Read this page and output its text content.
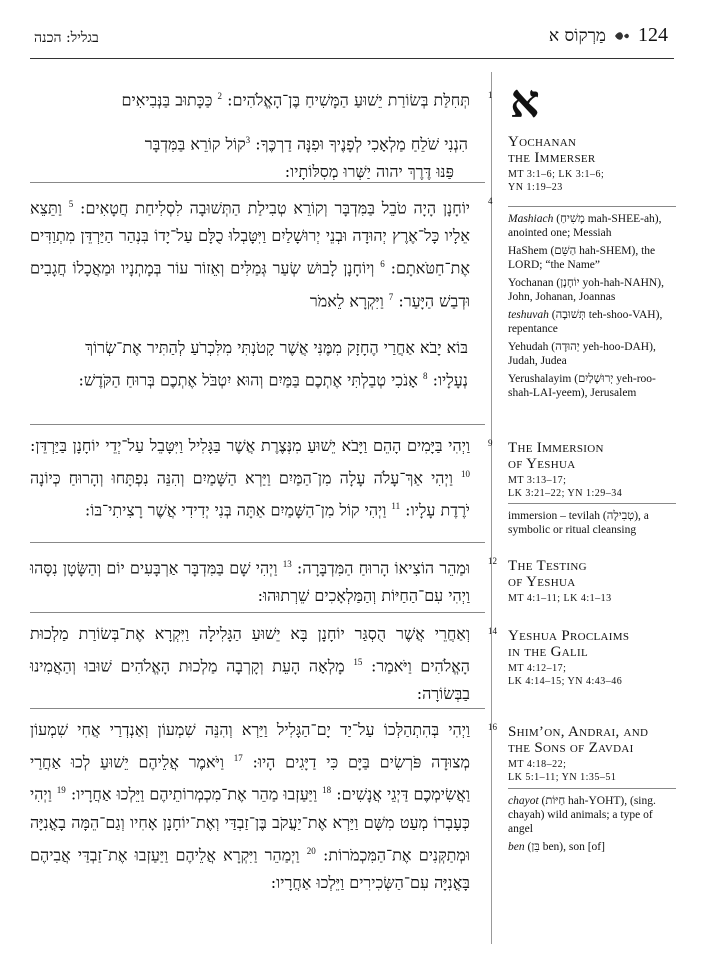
בגליל: הכנה	מַרְקוֹס א 124
1
תְּחִלַּת בְּשׂוֹרַת יֵשׁוּעַ הַמָּשִׁיחַ בֶּן־הָאֱלֹהִים: $^2$ כַּכָּתוּב בַּנְּבִיאִים
הִנְנִי שֹׁלֵחַ מַלְאָכִי לְפָנֶיךָ וּפִנָּה דַרְכֶּךָ: $^3$קוֹל קוֹרֵא בַּמִּדְבָּר
פַּנּוּ דֶּרֶךְ יהוה יַשְּׁרוּ מְסִלּוֹתָיו:
4
יוֹחָנָן הָיָה טֹבֵל בַּמִּדְבָּר וְקוֹרֵא טְבִילַת הַתְּשׁוּבָה לִסְלִיחַת חֲטָאִים: $^5$ וַתֵּצֵא אֵלָיו כָּל־אֶרֶץ יְהוּדָה וּבְנֵי יְרוּשָׁלַיִם וַיִּטָּבְלוּ כֻלָּם עַל־יָדוֹ בִּנְהַר הַיַּרְדֵּן מִתְוַדִּים אֶת־חַטֹּאתָם: $^6$ וְיוֹחָנָן לָבוּשׁ שְׂעַר גְּמַלִּים וְאֵזוֹר עוֹר בְּמָתְנָיו וּמַאֲכָלוֹ חֲגָבִים וּדְבַשׁ הַיָּעַר: $^7$ וַיִּקְרָא לֵאמֹר
בּוֹא יָבֹא אַחֲרַי הֶחָזָק מִמֶּנִּי אֲשֶׁר קָטֹנְתִּי מִלִּכְרֹעַ לְהַתִּיר אֶת־שְׂרוֹךְ נְעָלָיו: $^8$ אָנֹכִי טְבַלְתִּי אֶתְכֶם בַּמַּיִם וְהוּא יִטְבֹּל אֶתְכֶם בְּרוּחַ הַקֹּדֶשׁ:
9
וַיְהִי בַּיָּמִים הָהֵם וַיָּבֹא יֵשׁוּעַ מִנְּצֶרֶת אֲשֶׁר בַּגָּלִיל וַיִּטָּבֵל עַל־יְדֵי יוֹחָנָן בַּיַּרְדֵּן: $^{10}$ וַיְהִי אַךְ־עָלֹה עָלָה מִן־הַמַּיִם וַיַּרְא הַשָּׁמַיִם וְהִנֵּה נִפְתָּחוּ וְהָרוּחַ כְּיוֹנָה יֹרֶדֶת עָלָיו: $^{11}$ וַיְהִי קוֹל מִן־הַשָּׁמַיִם אַתָּה בְּנִי יְדִידִי אֲשֶׁר רָצִיתִי־בּוֹ:
12
וּמַהֵר הוֹצִיאוֹ הָרוּחַ הַמִּדְבָּרָה: $^{13}$ וַיְהִי שָׁם בַּמִּדְבָּר אַרְבָּעִים יוֹם וְהַשָּׂטָן נִסָּהוּ וַיְהִי עִם־הַחַיּוֹת וְהַמַּלְאָכִים שֵׁרְתוּהוּ:
14
וְאַחֲרֵי אֲשֶׁר הֻסְגַּר יוֹחָנָן בָּא יֵשׁוּעַ הַגָּלִילָה וַיִּקְרָא אֶת־בְּשׂוֹרַת מַלְכוּת הָאֱלֹהִים וַיֹּאמַר: $^{15}$ מָלְאָה הָעֵת וְקָרְבָה מַלְכוּת הָאֱלֹהִים שׁוּבוּ וְהַאֲמִינוּ בַבְּשׂוֹרָה:
16
וַיְהִי בְּהִתְהַלְּכוֹ עַל־יַד יָם־הַגָּלִיל וַיַּרְא וְהִנֵּה שִׁמְעוֹן וְאַנְדְרַי אֲחִי שִׁמְעוֹן מְצוּדָה פֹּרְשִׂים בַּיָּם כִּי דַיָּגִים הָיוּ: $^{17}$ וַיֹּאמֶר אֲלֵיהֶם יֵשׁוּעַ לְכוּ אַחֲרַי וַאֲשִׂימְכֶם דַּיְגֵי אֲנָשִׁים: $^{18}$ וַיַּעַזְבוּ מַהֵר אֶת־מִכְמְרוֹתֵיהֶם וַיֵּלְכוּ אַחֲרָיו: $^{19}$ וַיְהִי כְּעָבְרוֹ מְעַט מִשָּׁם וַיַּרְא אֶת־יַעֲקֹב בֶּן־זַבְדַּי וְאֶת־יוֹחָנָן אָחִיו וְגַם־הֵמָּה בָאֳנִיָּה וּמְתַקְּנִים אֶת־הַמִּכְמֹרוֹת: $^{20}$ וַיְמַהֵר וַיִּקְרָא אֲלֵיהֶם וַיַּעַזְבוּ אֶת־זַבְדַּי אֲבִיהֶם בָּאֳנִיָּה עִם־הַשְּׂכִירִים וַיֵּלְכוּ אַחֲרָיו:
א
Yochanan
the Immerser
MT 3:1–6; LK 3:1–6;
YN 1:19–23
Mashiach (מָשִׁיחַ mah-SHEE-ah), anointed one; Messiah
HaShem (הַשֵּׁם hah-SHEM), the LORD; “the Name”
Yochanan (יוֹחָנָן yoh-hah-NAHN), John, Johanan, Joannas
teshuvah (תְּשׁוּבָה teh-shoo-VAH), repentance
Yehudah (יְהוּדָה yeh-hoo-DAH), Judah, Judea
Yerushalayim (יְרוּשָׁלַיִם yeh-roo-shah-LAI-yeem), Jerusalem
The Immersion
of Yeshua
MT 3:13–17;
LK 3:21–22; YN 1:29–34
immersion – tevilah (טְבִילָה), a symbolic or ritual cleansing
The Testing
of Yeshua
MT 4:1–11; LK 4:1–13
Yeshua Proclaims
in the Galil
MT 4:12–17;
LK 4:14–15; YN 4:43–46
Shim’on, Andrai, and
the Sons of Zavdai
MT 4:18–22;
LK 5:1–11; YN 1:35–51
chayot (חַיּוֹת hah-YOHT), (sing. chayah) wild animals; a type of angel
ben (בֵּן ben), son [of]
